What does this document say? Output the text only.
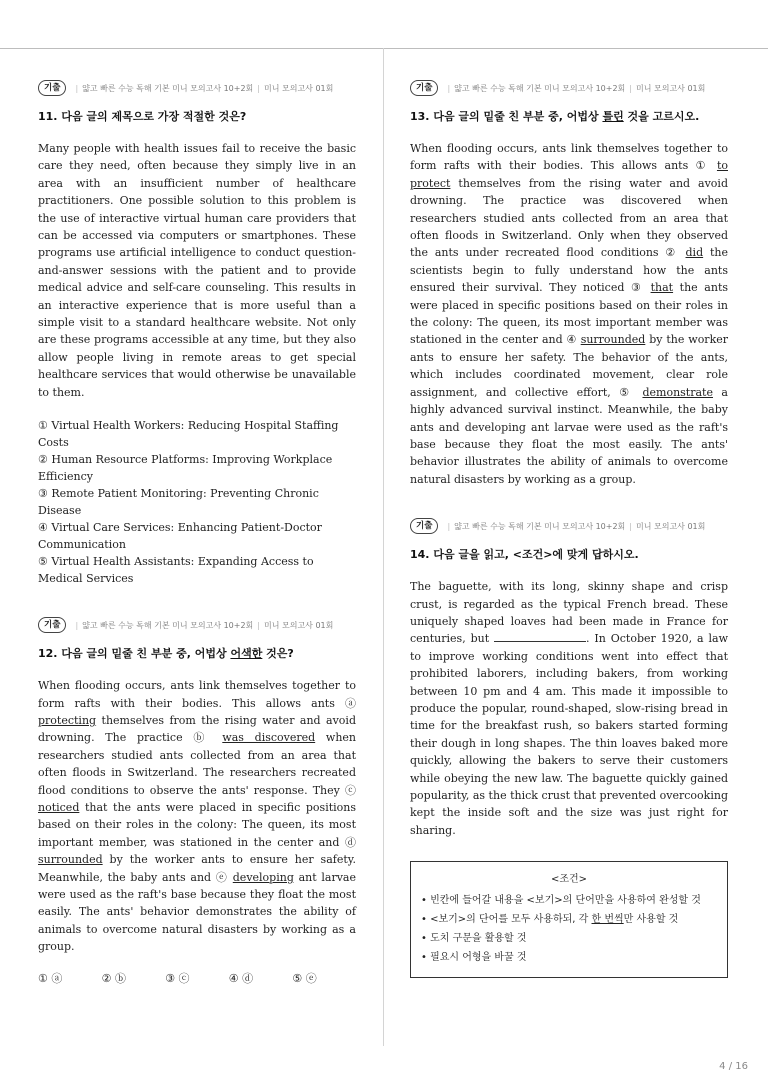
기출	| 얇고 빠른 수능 독해 기본 미니 모의고사 10+2회 | 미니 모의고사 01회
11. 다음 글의 제목으로 가장 적절한 것은?

Many people with health issues fail to receive the basic care they need, often because they simply live in an area with an insufficient number of healthcare practitioners. One possible solution to this problem is the use of interactive virtual human care providers that can be accessed via computers or smartphones. These programs use artificial intelligence to conduct question-and-answer sessions with the patient and to provide medical advice and self-care counseling. This results in an interactive experience that is more useful than a simple visit to a standard healthcare website. Not only are these programs accessible at any time, but they also allow people living in remote areas to get special healthcare services that would otherwise be unavailable to them.

① Virtual Health Workers: Reducing Hospital Staffing Costs

② Human Resource Platforms: Improving Workplace Efficiency

③ Remote Patient Monitoring: Preventing Chronic Disease

④ Virtual Care Services: Enhancing Patient-Doctor Communication

⑤ Virtual Health Assistants: Expanding Access to Medical Services

기출	| 얇고 빠른 수능 독해 기본 미니 모의고사 10+2회 | 미니 모의고사 01회
12. 다음 글의 밑줄 친 부분 중, 어법상 어색한 것은?

When flooding occurs, ants link themselves together to form rafts with their bodies. This allows ants ⓐ protecting themselves from the rising water and avoid drowning. The practice ⓑ was discovered when researchers studied ants collected from an area that often floods in Switzerland. The researchers recreated flood conditions to observe the ants' response. They ⓒ noticed that the ants were placed in specific positions based on their roles in the colony: The queen, its most important member, was stationed in the center and ⓓ surrounded by the worker ants to ensure her safety. Meanwhile, the baby ants and ⓔ developing ant larvae were used as the raft's base because they float the most easily. The ants' behavior demonstrates the ability of animals to overcome natural disasters by working as a group.

① ⓐ	② ⓑ	③ ⓒ	④ ⓓ	⑤ ⓔ
기출	| 얇고 빠른 수능 독해 기본 미니 모의고사 10+2회 | 미니 모의고사 01회
13. 다음 글의 밑줄 친 부분 중, 어법상 틀린 것을 고르시오.

When flooding occurs, ants link themselves together to form rafts with their bodies. This allows ants ① to protect themselves from the rising water and avoid drowning. The practice was discovered when researchers studied ants collected from an area that often floods in Switzerland. Only when they observed the ants under recreated flood conditions ② did the scientists begin to fully understand how the ants ensured their survival. They noticed ③ that the ants were placed in specific positions based on their roles in the colony: The queen, its most important member was stationed in the center and ④ surrounded by the worker ants to ensure her safety. The behavior of the ants, which includes coordinated movement, clear role assignment, and collective effort, ⑤ demonstrate a highly advanced survival instinct. Meanwhile, the baby ants and developing ant larvae were used as the raft's base because they float the most easily. The ants' behavior illustrates the ability of animals to overcome natural disasters by working as a group.

기출	| 얇고 빠른 수능 독해 기본 미니 모의고사 10+2회 | 미니 모의고사 01회
14. 다음 글을 읽고, <조건>에 맞게 답하시오.

The baguette, with its long, skinny shape and crisp crust, is regarded as the typical French bread. These uniquely shaped loaves had been made in France for centuries, but	. In October 1920, a law to improve working conditions went into effect that prohibited laborers, including bakers, from working between 10 pm and 4 am. This made it impossible to produce the popular, round-shaped, slow-rising bread in time for the breakfast rush, so bakers started forming their dough in long shapes. The thin loaves baked more quickly, allowing the bakers to serve their customers while obeying the new law. The baguette quickly gained popularity, as the thick crust that prevented overcooking kept the inside soft and the size was just right for sharing.

<조건>

• 빈칸에 들어갈 내용을 <보기>의 단어만을 사용하여 완성할 것

• <보기>의 단어를 모두 사용하되, 각 한 번씩만 사용할 것

• 도치 구문을 활용할 것

• 필요시 어형을 바꿀 것

4 / 16
